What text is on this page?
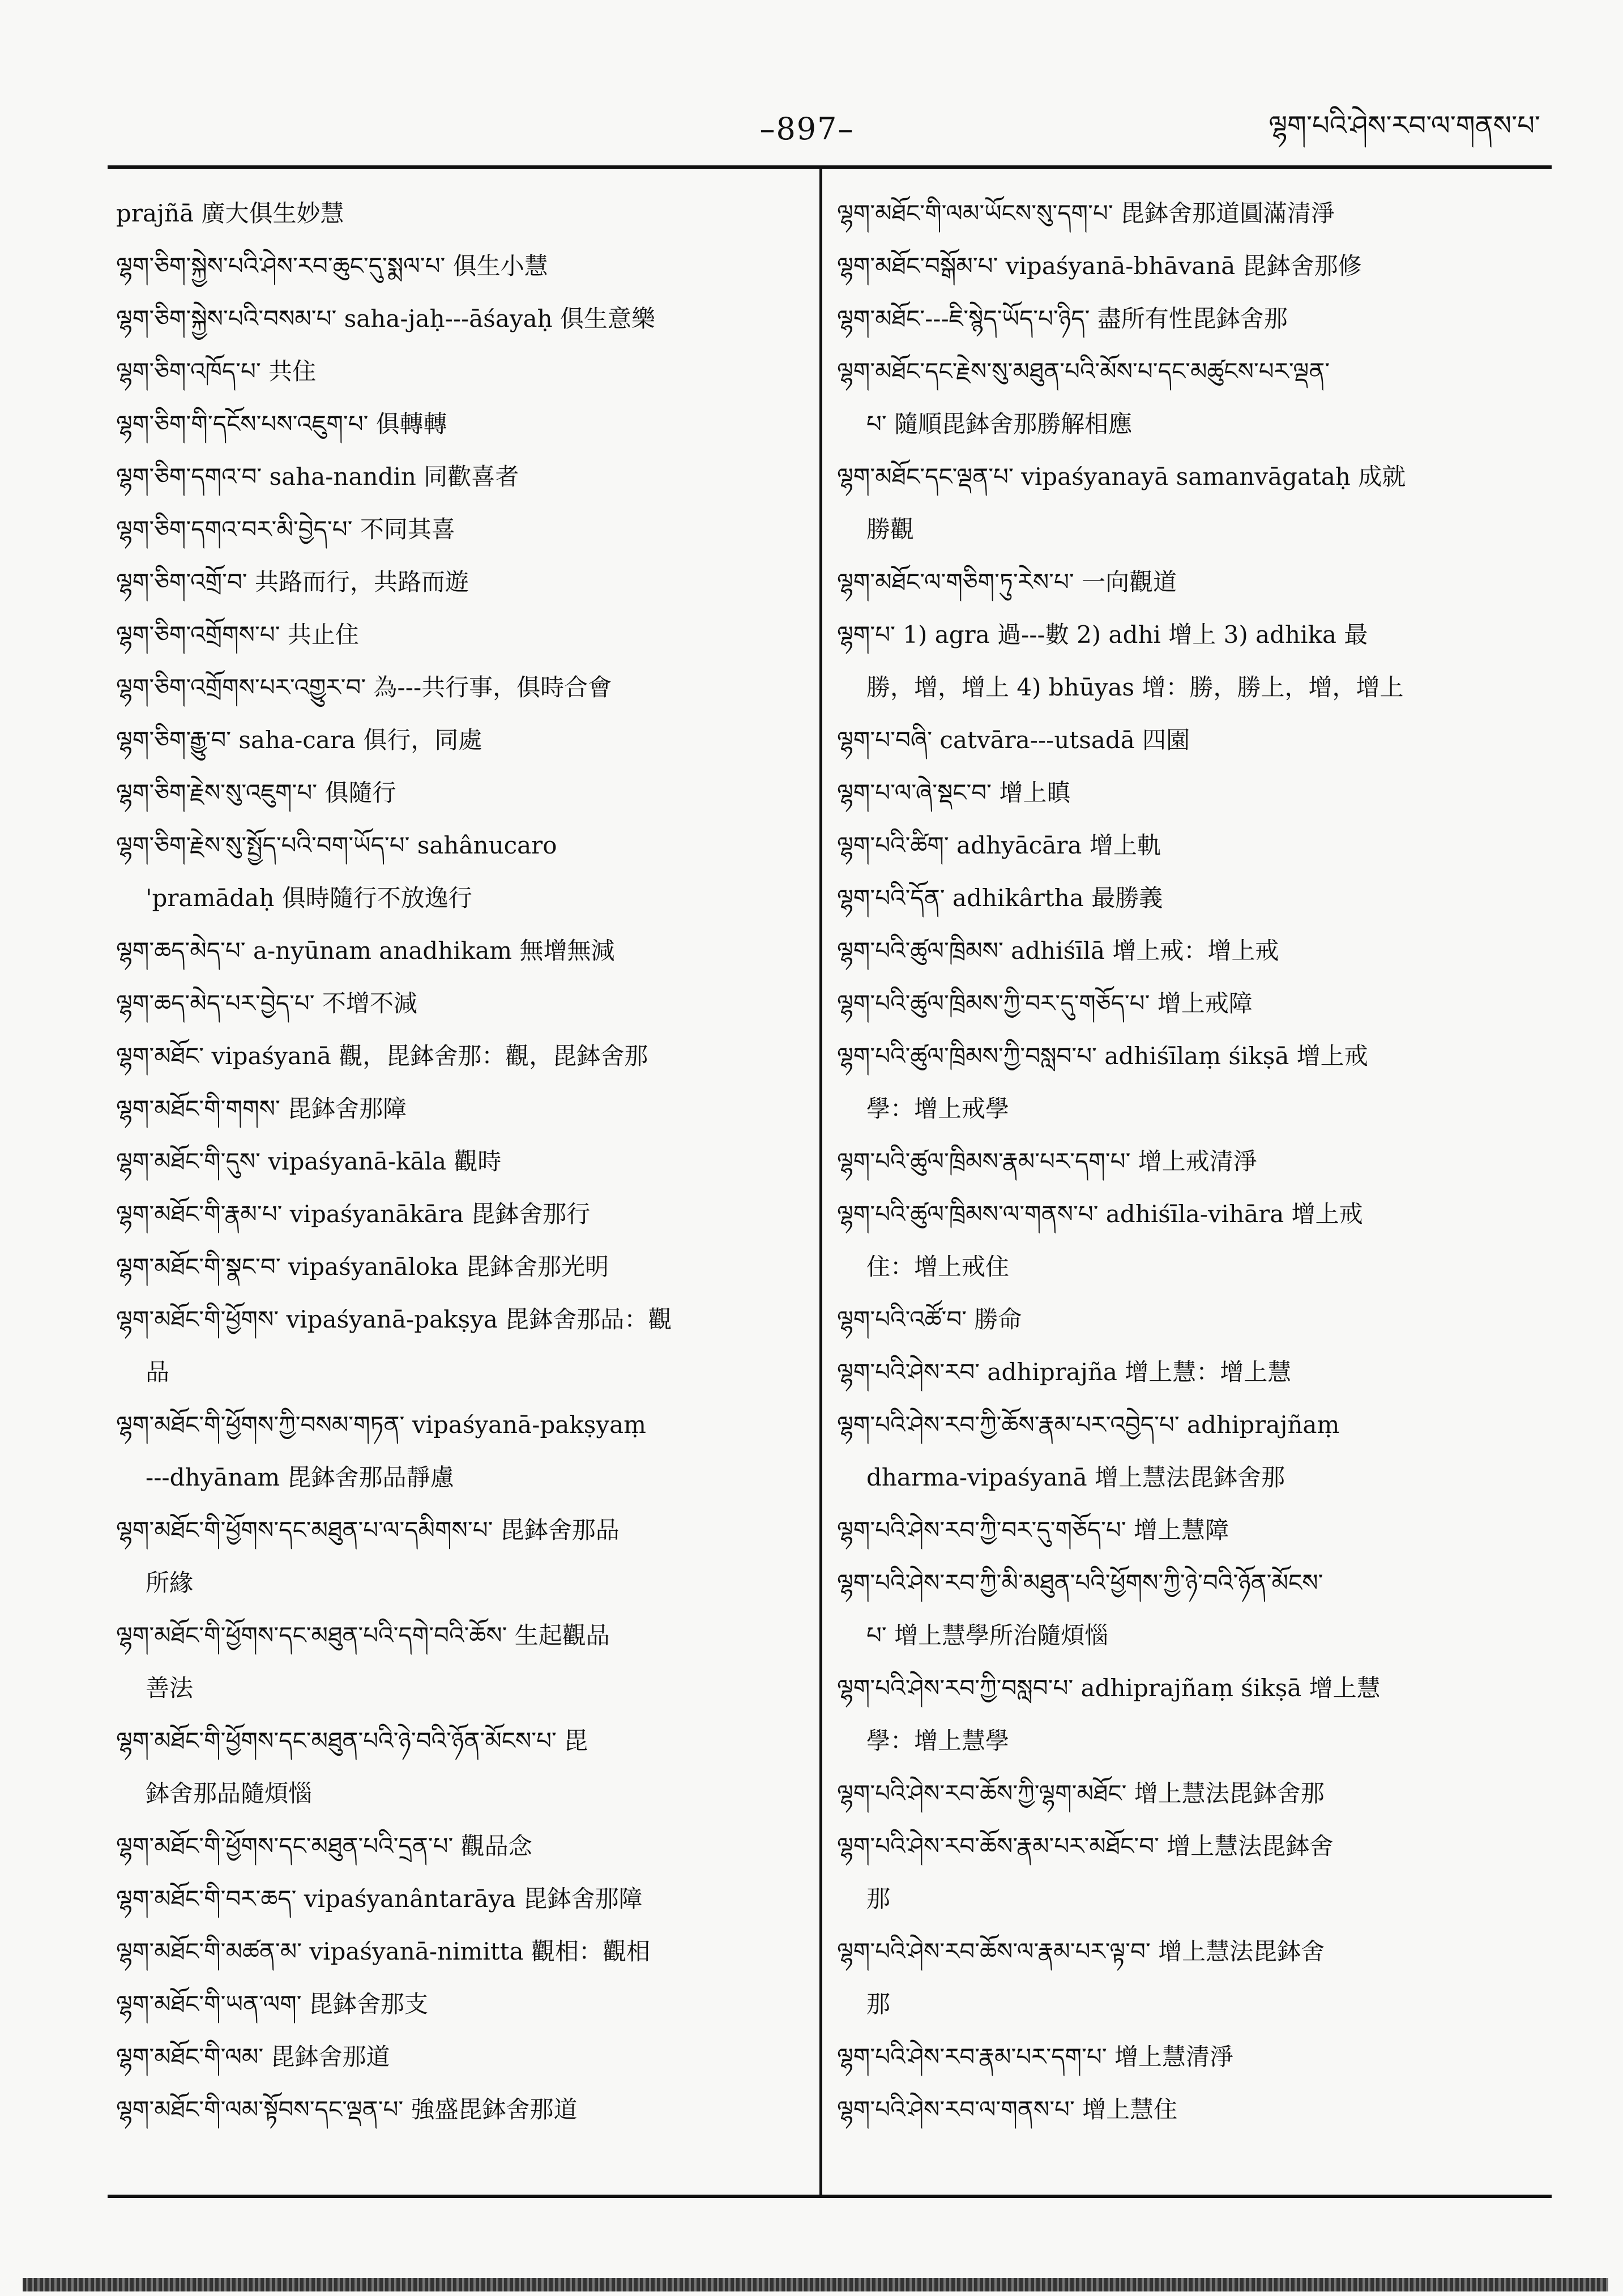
–897–	ལྷག་པའི་ཤེས་རབ་ལ་གནས་པ་
prajñā 廣大俱生妙慧
ལྷག་ཅིག་སྐྱེས་པའི་ཤེས་རབ་ཆུང་དུ་སྨལ་པ་ 俱生小慧
ལྷག་ཅིག་སྐྱེས་པའི་བསམ་པ་ saha-jaḥ---āśayaḥ 俱生意樂
ལྷག་ཅིག་འཁོད་པ་ 共住
ལྷག་ཅིག་གི་དངོས་པས་འཇུག་པ་ 俱轉轉
ལྷག་ཅིག་དགའ་བ་ saha-nandin 同歡喜者
ལྷག་ཅིག་དགའ་བར་མི་བྱེད་པ་ 不同其喜
ལྷག་ཅིག་འགྲོ་བ་ 共路而行，共路而遊
ལྷག་ཅིག་འགྲོགས་པ་ 共止住
ལྷག་ཅིག་འགྲོགས་པར་འགྱུར་བ་ 為---共行事，俱時合會
ལྷག་ཅིག་རྒྱུ་བ་ saha-cara 俱行，同處
ལྷག་ཅིག་རྗེས་སུ་འཇུག་པ་ 俱隨行
ལྷག་ཅིག་རྗེས་སུ་སྤྱོད་པའི་བག་ཡོད་པ་ sahânucaro
'pramādaḥ 俱時隨行不放逸行
ལྷག་ཆད་མེད་པ་ a-nyūnam anadhikam 無增無減
ལྷག་ཆད་མེད་པར་བྱེད་པ་ 不增不減
ལྷག་མཐོང་ vipaśyanā 觀，毘鉢舍那：觀，毘鉢舍那
ལྷག་མཐོང་གི་གགས་ 毘鉢舍那障
ལྷག་མཐོང་གི་དུས་ vipaśyanā-kāla 觀時
ལྷག་མཐོང་གི་རྣམ་པ་ vipaśyanākāra 毘鉢舍那行
ལྷག་མཐོང་གི་སྣང་བ་ vipaśyanāloka 毘鉢舍那光明
ལྷག་མཐོང་གི་ཕྱོགས་ vipaśyanā-pakṣya 毘鉢舍那品：觀
品
ལྷག་མཐོང་གི་ཕྱོགས་ཀྱི་བསམ་གཏན་ vipaśyanā-pakṣyaṃ
---dhyānam 毘鉢舍那品靜慮
ལྷག་མཐོང་གི་ཕྱོགས་དང་མཐུན་པ་ལ་དམིགས་པ་ 毘鉢舍那品
所緣
ལྷག་མཐོང་གི་ཕྱོགས་དང་མཐུན་པའི་དགེ་བའི་ཆོས་ 生起觀品
善法
ལྷག་མཐོང་གི་ཕྱོགས་དང་མཐུན་པའི་ཉེ་བའི་ཉོན་མོངས་པ་ 毘
鉢舍那品隨煩惱
ལྷག་མཐོང་གི་ཕྱོགས་དང་མཐུན་པའི་དྲན་པ་ 觀品念
ལྷག་མཐོང་གི་བར་ཆད་ vipaśyanântarāya 毘鉢舍那障
ལྷག་མཐོང་གི་མཚན་མ་ vipaśyanā-nimitta 觀相：觀相
ལྷག་མཐོང་གི་ཡན་ལག་ 毘鉢舍那支
ལྷག་མཐོང་གི་ལམ་ 毘鉢舍那道
ལྷག་མཐོང་གི་ལམ་སྟོབས་དང་ལྡན་པ་ 強盛毘鉢舍那道
ལྷག་མཐོང་གི་ལམ་ཡོངས་སུ་དག་པ་ 毘鉢舍那道圓滿清淨
ལྷག་མཐོང་བསྒོམ་པ་ vipaśyanā-bhāvanā 毘鉢舍那修
ལྷག་མཐོང་---ཇི་སྙེད་ཡོད་པ་ཉིད་ 盡所有性毘鉢舍那
ལྷག་མཐོང་དང་རྗེས་སུ་མཐུན་པའི་མོས་པ་དང་མཚུངས་པར་ལྡན་
པ་ 隨順毘鉢舍那勝解相應
ལྷག་མཐོང་དང་ལྡན་པ་ vipaśyanayā samanvāgataḥ 成就
勝觀
ལྷག་མཐོང་ལ་གཅིག་ཏུ་རེས་པ་ 一向觀道
ལྷག་པ་ 1) agra 過---數 2) adhi 增上 3) adhika 最
勝，增，增上 4) bhūyas 增：勝，勝上，增，增上
ལྷག་པ་བཞི་ catvāra---utsadā 四園
ལྷག་པ་ལ་ཞེ་སྡང་བ་ 增上瞋
ལྷག་པའི་ཚིག་ adhyācāra 增上軌
ལྷག་པའི་དོན་ adhikârtha 最勝義
ལྷག་པའི་ཚུལ་ཁྲིམས་ adhiśīlā 增上戒：增上戒
ལྷག་པའི་ཚུལ་ཁྲིམས་ཀྱི་བར་དུ་གཅོད་པ་ 增上戒障
ལྷག་པའི་ཚུལ་ཁྲིམས་ཀྱི་བསླབ་པ་ adhiśīlaṃ śikṣā 增上戒
學：增上戒學
ལྷག་པའི་ཚུལ་ཁྲིམས་རྣམ་པར་དག་པ་ 增上戒清淨
ལྷག་པའི་ཚུལ་ཁྲིམས་ལ་གནས་པ་ adhiśīla-vihāra 增上戒
住：增上戒住
ལྷག་པའི་འཚོ་བ་ 勝命
ལྷག་པའི་ཤེས་རབ་ adhiprajña 增上慧：增上慧
ལྷག་པའི་ཤེས་རབ་ཀྱི་ཆོས་རྣམ་པར་འབྱེད་པ་ adhiprajñaṃ
dharma-vipaśyanā 增上慧法毘鉢舍那
ལྷག་པའི་ཤེས་རབ་ཀྱི་བར་དུ་གཅོད་པ་ 增上慧障
ལྷག་པའི་ཤེས་རབ་ཀྱི་མི་མཐུན་པའི་ཕྱོགས་ཀྱི་ཉེ་བའི་ཉོན་མོངས་
པ་ 增上慧學所治隨煩惱
ལྷག་པའི་ཤེས་རབ་ཀྱི་བསླབ་པ་ adhiprajñaṃ śikṣā 增上慧
學：增上慧學
ལྷག་པའི་ཤེས་རབ་ཆོས་ཀྱི་ལྷག་མཐོང་ 增上慧法毘鉢舍那
ལྷག་པའི་ཤེས་རབ་ཆོས་རྣམ་པར་མཐོང་བ་ 增上慧法毘鉢舍
那
ལྷག་པའི་ཤེས་རབ་ཆོས་ལ་རྣམ་པར་ལྟ་བ་ 增上慧法毘鉢舍
那
ལྷག་པའི་ཤེས་རབ་རྣམ་པར་དག་པ་ 增上慧清淨
ལྷག་པའི་ཤེས་རབ་ལ་གནས་པ་ 增上慧住
